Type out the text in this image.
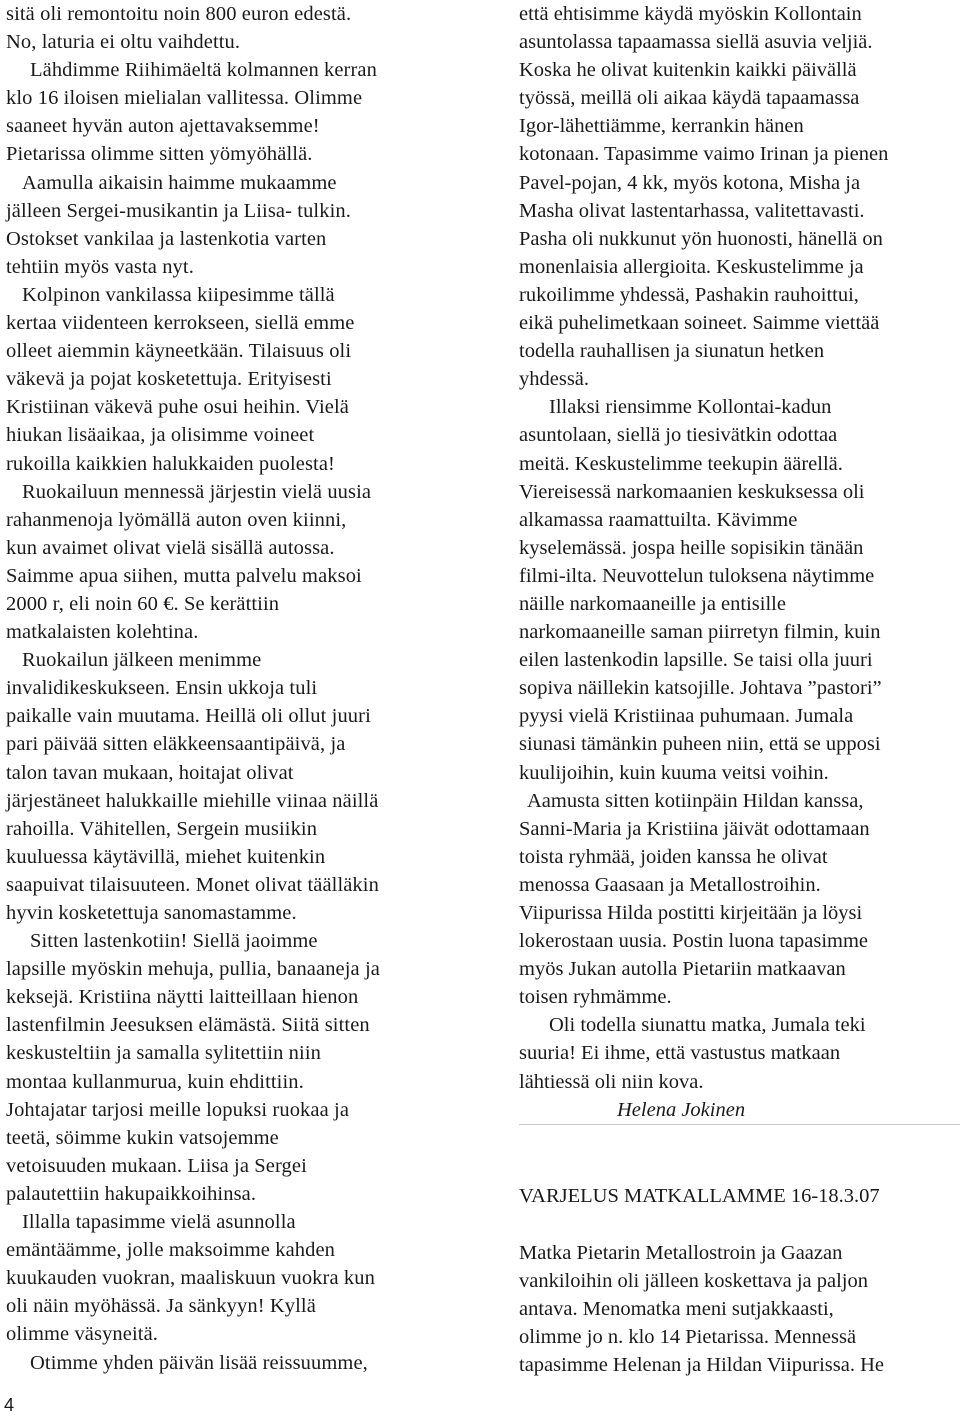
sitä oli remontoitu noin 800 euron edestä.
No, laturia ei oltu vaihdettu.
Lähdimme Riihimäeltä kolmannen kerran
klo 16 iloisen mielialan vallitessa. Olimme
saaneet hyvän auton ajettavaksemme!
Pietarissa olimme sitten yömyöhällä.
Aamulla aikaisin haimme mukaamme
jälleen Sergei-musikantin ja Liisa- tulkin.
Ostokset vankilaa ja lastenkotia varten
tehtiin myös vasta nyt.
Kolpinon vankilassa kiipesimme tällä
kertaa viidenteen kerrokseen, siellä emme
olleet aiemmin käyneetkään. Tilaisuus oli
väkevä ja pojat kosketettuja. Erityisesti
Kristiinan väkevä puhe osui heihin. Vielä
hiukan lisäaikaa, ja olisimme voineet
rukoilla kaikkien halukkaiden puolesta!
Ruokailuun mennessä järjestin vielä uusia
rahanmenoja lyömällä auton oven kiinni,
kun avaimet olivat vielä sisällä autossa.
Saimme apua siihen, mutta palvelu maksoi
2000 r, eli noin 60 €. Se kerättiin
matkalaisten kolehtina.
Ruokailun jälkeen menimme
invalidikeskukseen. Ensin ukkoja tuli
paikalle vain muutama. Heillä oli ollut juuri
pari päivää sitten eläkkeensaantipäivä, ja
talon tavan mukaan, hoitajat olivat
järjestäneet halukkaille miehille viinaa näillä
rahoilla. Vähitellen, Sergein musiikin
kuuluessa käytävillä, miehet kuitenkin
saapuivat tilaisuuteen. Monet olivat täälläkin
hyvin kosketettuja sanomastamme.
Sitten lastenkotiin! Siellä jaoimme
lapsille myöskin mehuja, pullia, banaaneja ja
keksejä. Kristiina näytti laitteillaan hienon
lastenfilmin Jeesuksen elämästä. Siitä sitten
keskusteltiin ja samalla sylitettiin niin
montaa kullanmurua, kuin ehdittiin.
Johtajatar tarjosi meille lopuksi ruokaa ja
teetä, söimme kukin vatsojemme
vetoisuuden mukaan. Liisa ja Sergei
palautettiin hakupaikkoihinsa.
Illalla tapasimme vielä asunnolla
emäntäämme, jolle maksoimme kahden
kuukauden vuokran, maaliskuun vuokra kun
oli näin myöhässä. Ja sänkyyn! Kyllä
olimme väsyneitä.
Otimme yhden päivän lisää reissuumme,
että ehtisimme käydä myöskin Kollontain
asuntolassa tapaamassa siellä asuvia veljiä.
Koska he olivat kuitenkin kaikki päivällä
työssä, meillä oli aikaa käydä tapaamassa
Igor-lähettiämme, kerrankin hänen
kotonaan. Tapasimme vaimo Irinan ja pienen
Pavel-pojan, 4 kk, myös kotona, Misha ja
Masha olivat lastentarhassa, valitettavasti.
Pasha oli nukkunut yön huonosti, hänellä on
monenlaisia allergioita. Keskustelimme ja
rukoilimme yhdessä, Pashakin rauhoittui,
eikä puhelimetkaan soineet. Saimme viettää
todella rauhallisen ja siunatun hetken
yhdessä.
Illaksi riensimme Kollontai-kadun
asuntolaan, siellä jo tiesivätkin odottaa
meitä. Keskustelimme teekupin äärellä.
Viereisessä narkomaanien keskuksessa oli
alkamassa raamattuilta. Kävimme
kyselemässä. jospa heille sopisikin tänään
filmi-ilta. Neuvottelun tuloksena näytimme
näille narkomaaneille ja entisille
narkomaaneille saman piirretyn filmin, kuin
eilen lastenkodin lapsille. Se taisi olla juuri
sopiva näillekin katsojille. Johtava ”pastori”
pyysi vielä Kristiinaa puhumaan. Jumala
siunasi tämänkin puheen niin, että se upposi
kuulijoihin, kuin kuuma veitsi voihin.
Aamusta sitten kotiinpäin Hildan kanssa,
Sanni-Maria ja Kristiina jäivät odottamaan
toista ryhmää, joiden kanssa he olivat
menossa Gaasaan ja Metallostroihin.
Viipurissa Hilda postitti kirjeitään ja löysi
lokerostaan uusia. Postin luona tapasimme
myös Jukan autolla Pietariin matkaavan
toisen ryhmämme.
Oli todella siunattu matka, Jumala teki
suuria! Ei ihme, että vastustus matkaan
lähtiessä oli niin kova.
Helena Jokinen
VARJELUS MATKALLAMME 16-18.3.07
Matka Pietarin Metallostroin ja Gaazan
vankiloihin oli jälleen koskettava ja paljon
antava. Menomatka meni sutjakkaasti,
olimme jo n. klo 14 Pietarissa. Mennessä
tapasimme Helenan ja Hildan Viipurissa. He
4
